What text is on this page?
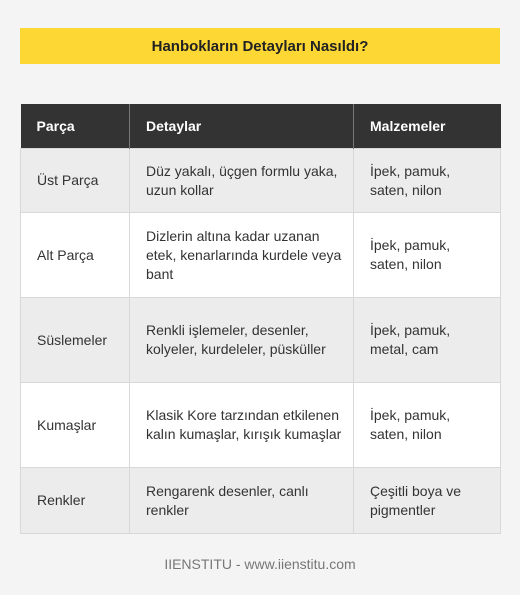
Hanbokların Detayları Nasıldı?
Parça	Detaylar	Malzemeler
Üst Parça	Düz yakalı, üçgen formlu yaka, uzun kollar	İpek, pamuk, saten, nilon
Alt Parça	Dizlerin altına kadar uzanan etek, kenarlarında kurdele veya bant	İpek, pamuk, saten, nilon
Süslemeler	Renkli işlemeler, desenler, kolyeler, kurdeleler, püsküller	İpek, pamuk, metal, cam
Kumaşlar	Klasik Kore tarzından etkilenen kalın kumaşlar, kırışık kumaşlar	İpek, pamuk, saten, nilon
Renkler	Rengarenk desenler, canlı renkler	Çeşitli boya ve pigmentler
IIENSTITU - www.iienstitu.com
